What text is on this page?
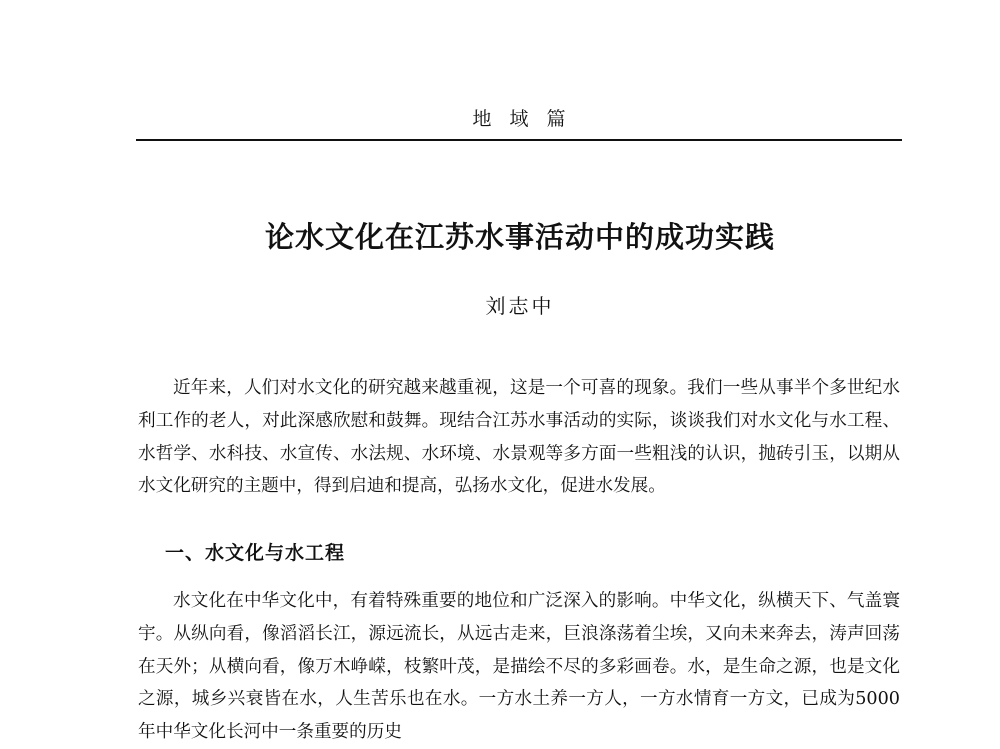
地域篇
论水文化在江苏水事活动中的成功实践
刘志中

近年来，人们对水文化的研究越来越重视，这是一个可喜的现象。我们一些从事半个多世纪水利工作的老人，对此深感欣慰和鼓舞。现结合江苏水事活动的实际，谈谈我们对水文化与水工程、水哲学、水科技、水宣传、水法规、水环境、水景观等多方面一些粗浅的认识，抛砖引玉，以期从水文化研究的主题中，得到启迪和提高，弘扬水文化，促进水发展。

一、水文化与水工程

水文化在中华文化中，有着特殊重要的地位和广泛深入的影响。中华文化，纵横天下、气盖寰宇。从纵向看，像滔滔长江，源远流长，从远古走来，巨浪涤荡着尘埃，又向未来奔去，涛声回荡在天外；从横向看，像万木峥嵘，枝繁叶茂，是描绘不尽的多彩画卷。水，是生命之源，也是文化之源，城乡兴衰皆在水，人生苦乐也在水。一方水土养一方人，一方水情育一方文，已成为5000年中华文化长河中一条重要的历史
